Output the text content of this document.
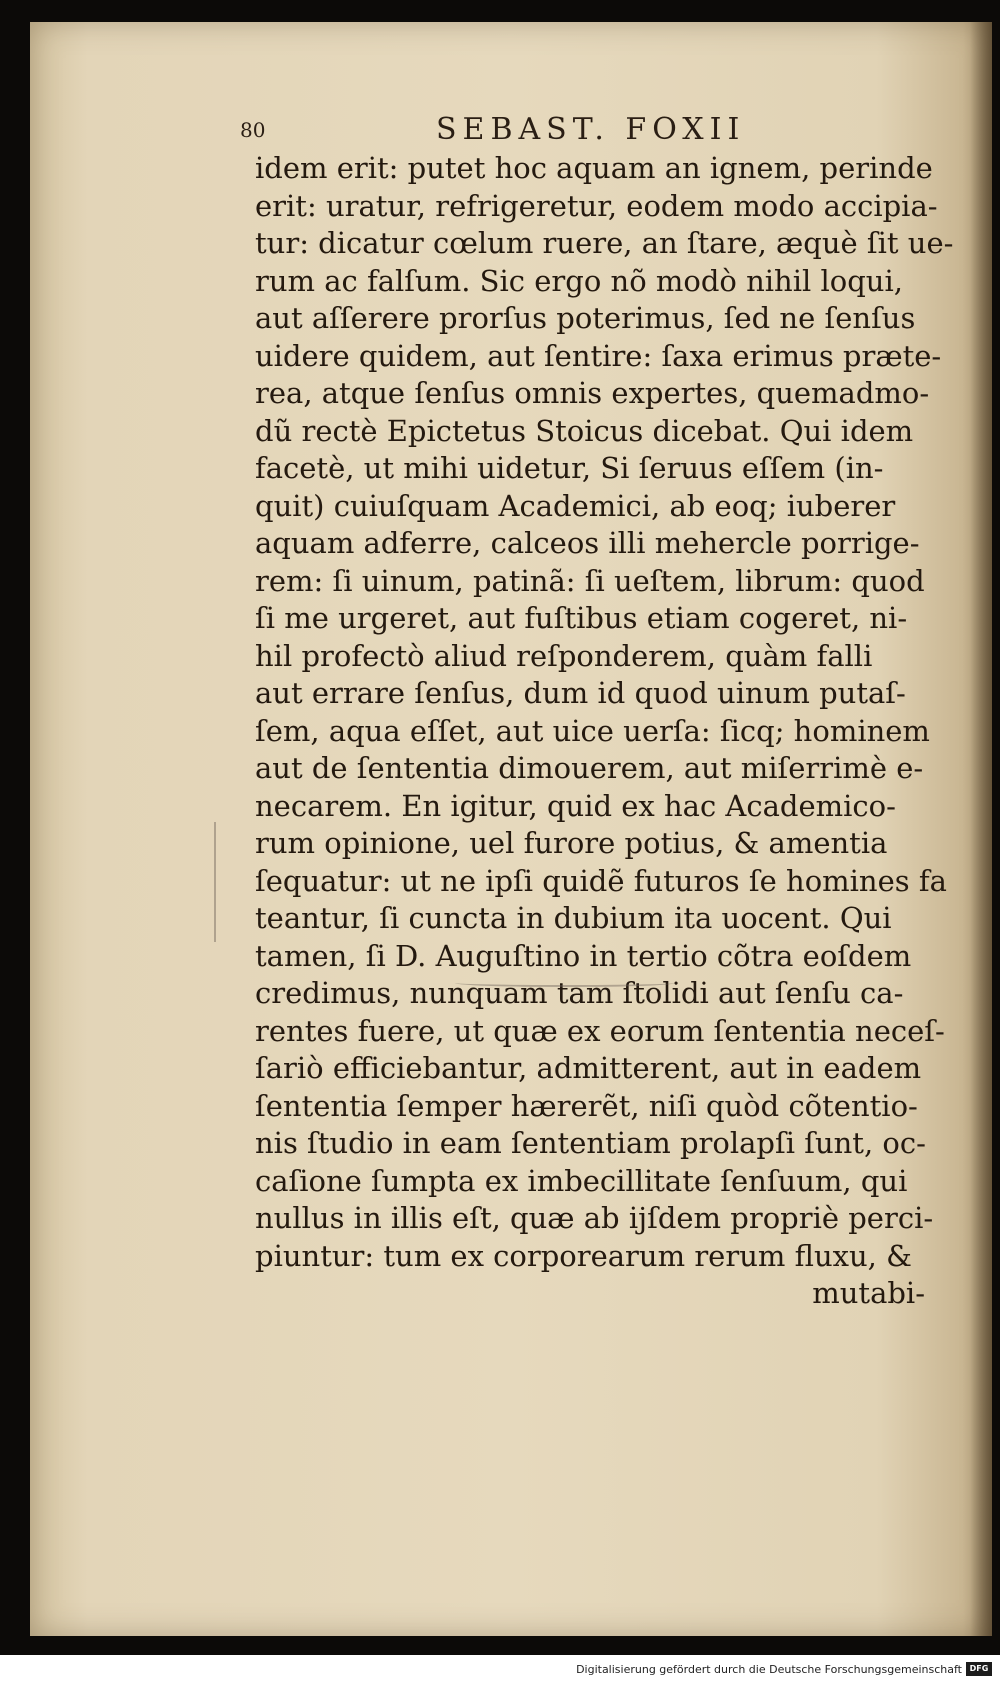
80	SEBAST. FOXII
idem erit: putet hoc aquam an ignem, perinde
erit: uratur, refrigeretur, eodem modo accipia-
tur: dicatur cœlum ruere, an ſtare, æquè ſit ue-
rum ac falſum. Sic ergo nõ modò nihil loqui,
aut aſſerere prorſus poterimus, ſed ne ſenſus
uidere quidem, aut ſentire: ſaxa erimus præte-
rea, atque ſenſus omnis expertes, quemadmo-
dũ rectè Epictetus Stoicus dicebat. Qui idem
facetè, ut mihi uidetur, Si ſeruus eſſem (in-
quit) cuiuſquam Academici, ab eoq; iuberer
aquam adferre, calceos illi mehercle porrige-
rem: ſi uinum, patinã: ſi ueſtem, librum: quod
ſi me urgeret, aut fuſtibus etiam cogeret, ni-
hil profectò aliud reſponderem, quàm falli
aut errare ſenſus, dum id quod uinum putaſ-
ſem, aqua eſſet, aut uice uerſa: ſicq; hominem
aut de ſententia dimouerem, aut miſerrimè e-
necarem. En igitur, quid ex hac Academico-
rum opinione, uel furore potius, & amentia
ſequatur: ut ne ipſi quidẽ futuros ſe homines fa
teantur, ſi cuncta in dubium ita uocent. Qui
tamen, ſi D. Auguſtino in tertio cõtra eoſdem
credimus, nunquam tam ſtolidi aut ſenſu ca-
rentes fuere, ut quæ ex eorum ſententia neceſ-
ſariò efficiebantur, admitterent, aut in eadem
ſententia ſemper hærerẽt, niſi quòd cõtentio-
nis ſtudio in eam ſententiam prolapſi ſunt, oc-
caſione ſumpta ex imbecillitate ſenſuum, qui
nullus in illis eſt, quæ ab ijſdem propriè perci-
piuntur: tum ex corporearum rerum fluxu, &
mutabi-
Digitalisierung gefördert durch die Deutsche Forschungsgemeinschaft DFG
